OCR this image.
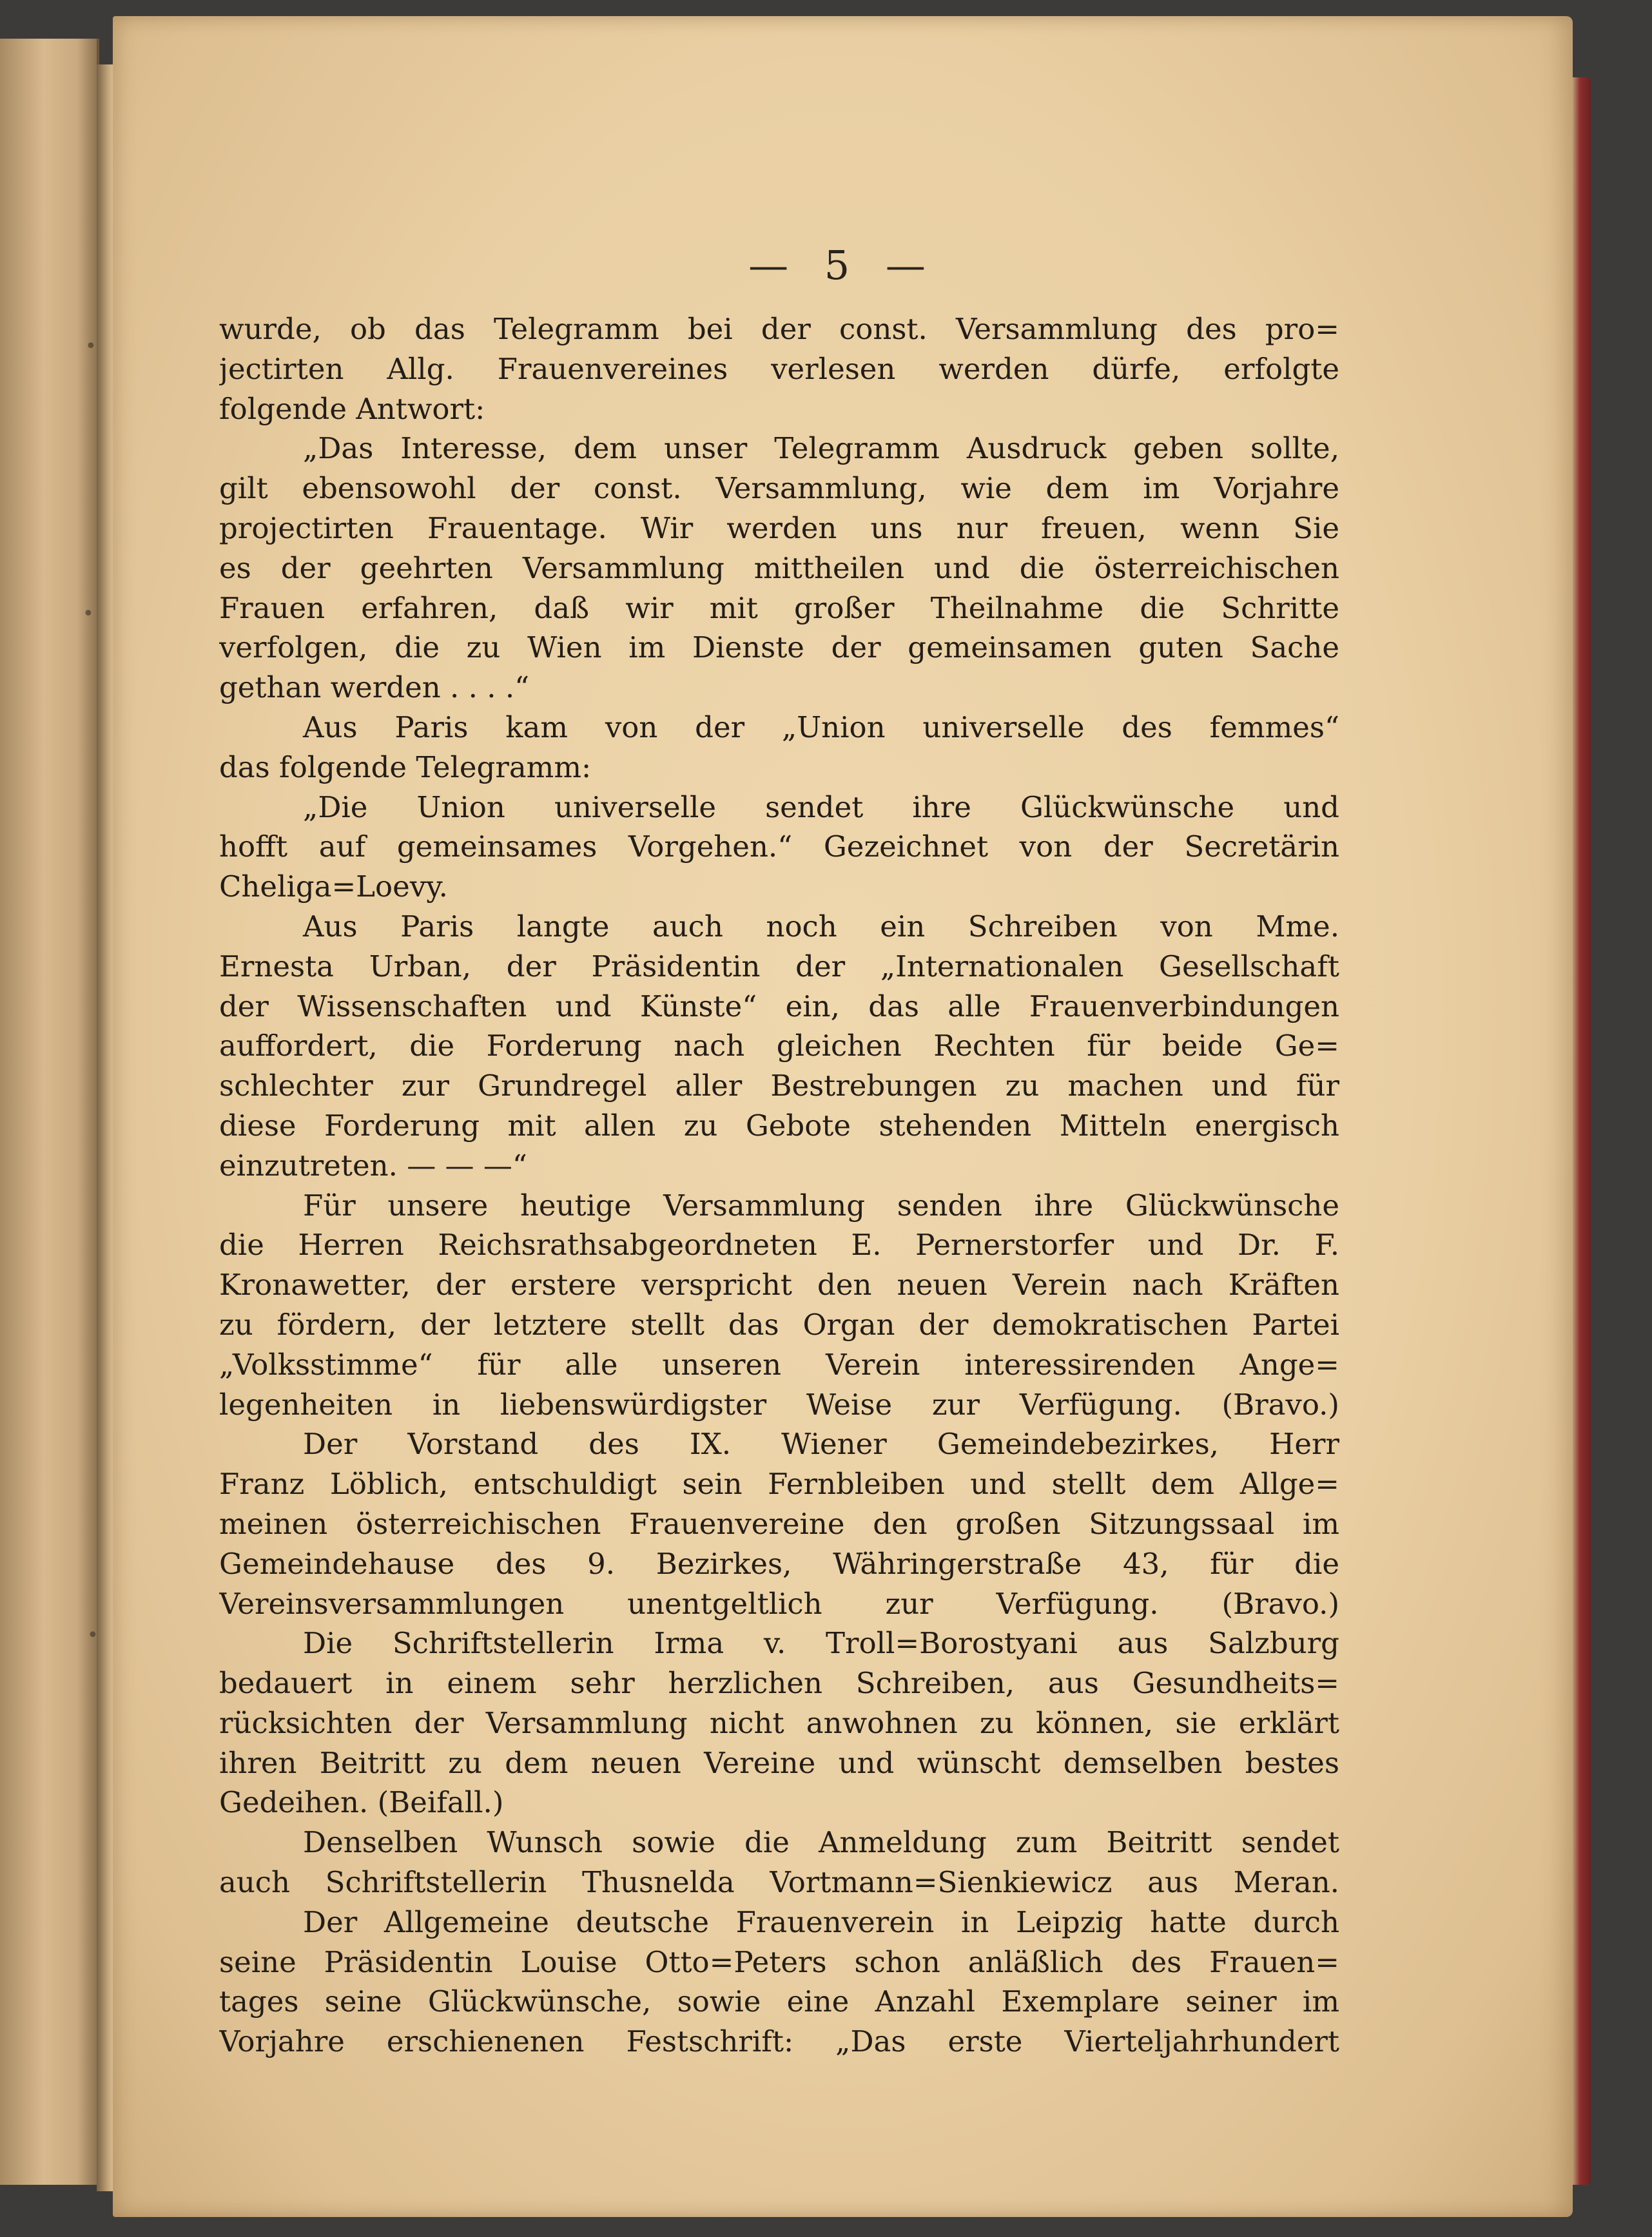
•
•
•
— 5 —
wurde, ob das Telegramm bei der const. Versammlung des pro=
jectirten Allg. Frauenvereines verlesen werden dürfe, erfolgte
folgende Antwort:
„Das Interesse, dem unser Telegramm Ausdruck geben sollte,
gilt ebensowohl der const. Versammlung, wie dem im Vorjahre
projectirten Frauentage. Wir werden uns nur freuen, wenn Sie
es der geehrten Versammlung mittheilen und die österreichischen
Frauen erfahren, daß wir mit großer Theilnahme die Schritte
verfolgen, die zu Wien im Dienste der gemeinsamen guten Sache
gethan werden . . . .“
Aus Paris kam von der „Union universelle des femmes“
das folgende Telegramm:
„Die Union universelle sendet ihre Glückwünsche und
hofft auf gemeinsames Vorgehen.“ Gezeichnet von der Secretärin
Cheliga=Loevy.
Aus Paris langte auch noch ein Schreiben von Mme.
Ernesta Urban, der Präsidentin der „Internationalen Gesellschaft
der Wissenschaften und Künste“ ein, das alle Frauenverbindungen
auffordert, die Forderung nach gleichen Rechten für beide Ge=
schlechter zur Grundregel aller Bestrebungen zu machen und für
diese Forderung mit allen zu Gebote stehenden Mitteln energisch
einzutreten. — — —“
Für unsere heutige Versammlung senden ihre Glückwünsche
die Herren Reichsrathsabgeordneten E. Pernerstorfer und Dr. F.
Kronawetter, der erstere verspricht den neuen Verein nach Kräften
zu fördern, der letztere stellt das Organ der demokratischen Partei
„Volksstimme“ für alle unseren Verein interessirenden Ange=
legenheiten in liebenswürdigster Weise zur Verfügung. (Bravo.)
Der Vorstand des IX. Wiener Gemeindebezirkes, Herr
Franz Löblich, entschuldigt sein Fernbleiben und stellt dem Allge=
meinen österreichischen Frauenvereine den großen Sitzungssaal im
Gemeindehause des 9. Bezirkes, Währingerstraße 43, für die
Vereinsversammlungen unentgeltlich zur Verfügung. (Bravo.)
Die Schriftstellerin Irma v. Troll=Borostyani aus Salzburg
bedauert in einem sehr herzlichen Schreiben, aus Gesundheits=
rücksichten der Versammlung nicht anwohnen zu können, sie erklärt
ihren Beitritt zu dem neuen Vereine und wünscht demselben bestes
Gedeihen. (Beifall.)
Denselben Wunsch sowie die Anmeldung zum Beitritt sendet
auch Schriftstellerin Thusnelda Vortmann=Sienkiewicz aus Meran.
Der Allgemeine deutsche Frauenverein in Leipzig hatte durch
seine Präsidentin Louise Otto=Peters schon anläßlich des Frauen=
tages seine Glückwünsche, sowie eine Anzahl Exemplare seiner im
Vorjahre erschienenen Festschrift: „Das erste Vierteljahrhundert
